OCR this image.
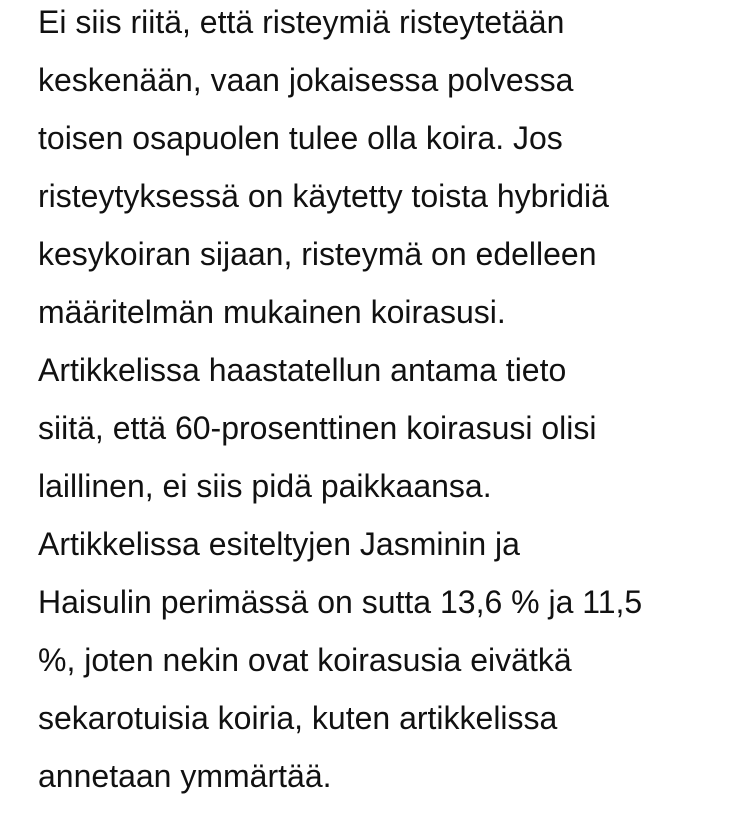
Ei siis riitä, että risteymiä risteytetään
keskenään, vaan jokaisessa polvessa
toisen osapuolen tulee olla koira. Jos
risteytyksessä on käytetty toista hybridiä
kesykoiran sijaan, risteymä on edelleen
määritelmän mukainen koirasusi.
Artikkelissa haastatellun antama tieto
siitä, että 60-prosenttinen koirasusi olisi
laillinen, ei siis pidä paikkaansa.
Artikkelissa esiteltyjen Jasminin ja
Haisulin perimässä on sutta 13,6 % ja 11,5
%, joten nekin ovat koirasusia eivätkä
sekarotuisia koiria, kuten artikkelissa
annetaan ymmärtää.
